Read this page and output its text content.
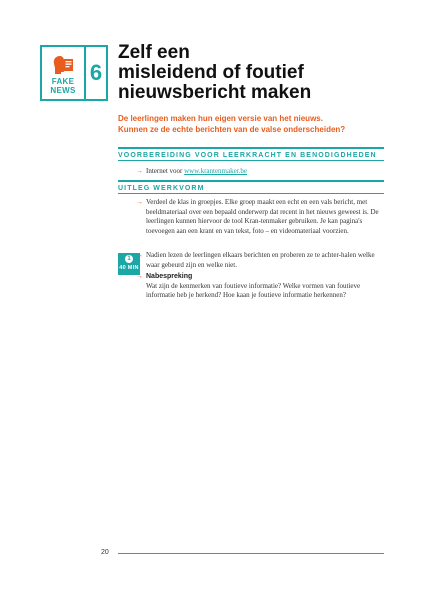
FAKE
NEWS
6
Zelf een
misleidend of foutief
nieuwsbericht maken
De leerlingen maken hun eigen versie van het nieuws.
Kunnen ze de echte berichten van de valse onderscheiden?
VOORBEREIDING VOOR LEERKRACHT EN BENODIGDHEDEN
→ Internet voor www.krantenmaker.be
UITLEG WERKVORM
→ Verdeel de klas in groepjes. Elke groep maakt een echt en een vals bericht, met beeldmateriaal over een bepaald onderwerp dat recent in het nieuws geweest is. De leerlingen kunnen hiervoor de tool Kran-tenmaker gebruiken. Je kan pagina's toevoegen aan een krant en van tekst, foto – en videomateriaal voorzien.
1
40 MIN
→ Nadien lezen de leerlingen elkaars berichten en proberen ze te achter-halen welke waar gebeurd zijn en welke niet.
→ Nabespreking
Wat zijn de kenmerken van foutieve informatie? Welke vormen van foutieve informatie heb je herkend? Hoe kaan je foutieve informatie herkennen?
20
